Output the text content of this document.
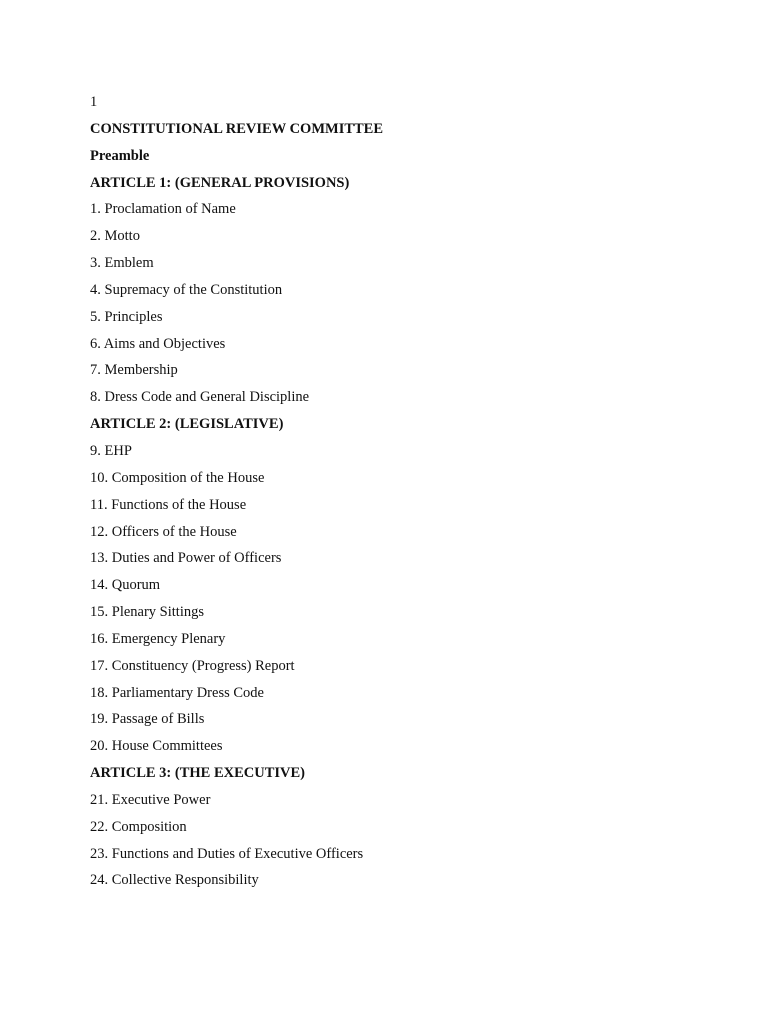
1
CONSTITUTIONAL REVIEW COMMITTEE
Preamble
ARTICLE 1: (GENERAL PROVISIONS)
1. Proclamation of Name
2. Motto
3. Emblem
4. Supremacy of the Constitution
5. Principles
6. Aims and Objectives
7. Membership
8. Dress Code and General Discipline
ARTICLE 2: (LEGISLATIVE)
9. EHP
10. Composition of the House
11. Functions of the House
12. Officers of the House
13. Duties and Power of Officers
14. Quorum
15. Plenary Sittings
16. Emergency Plenary
17. Constituency (Progress) Report
18. Parliamentary Dress Code
19. Passage of Bills
20. House Committees
ARTICLE 3: (THE EXECUTIVE)
21. Executive Power
22. Composition
23. Functions and Duties of Executive Officers
24. Collective Responsibility
